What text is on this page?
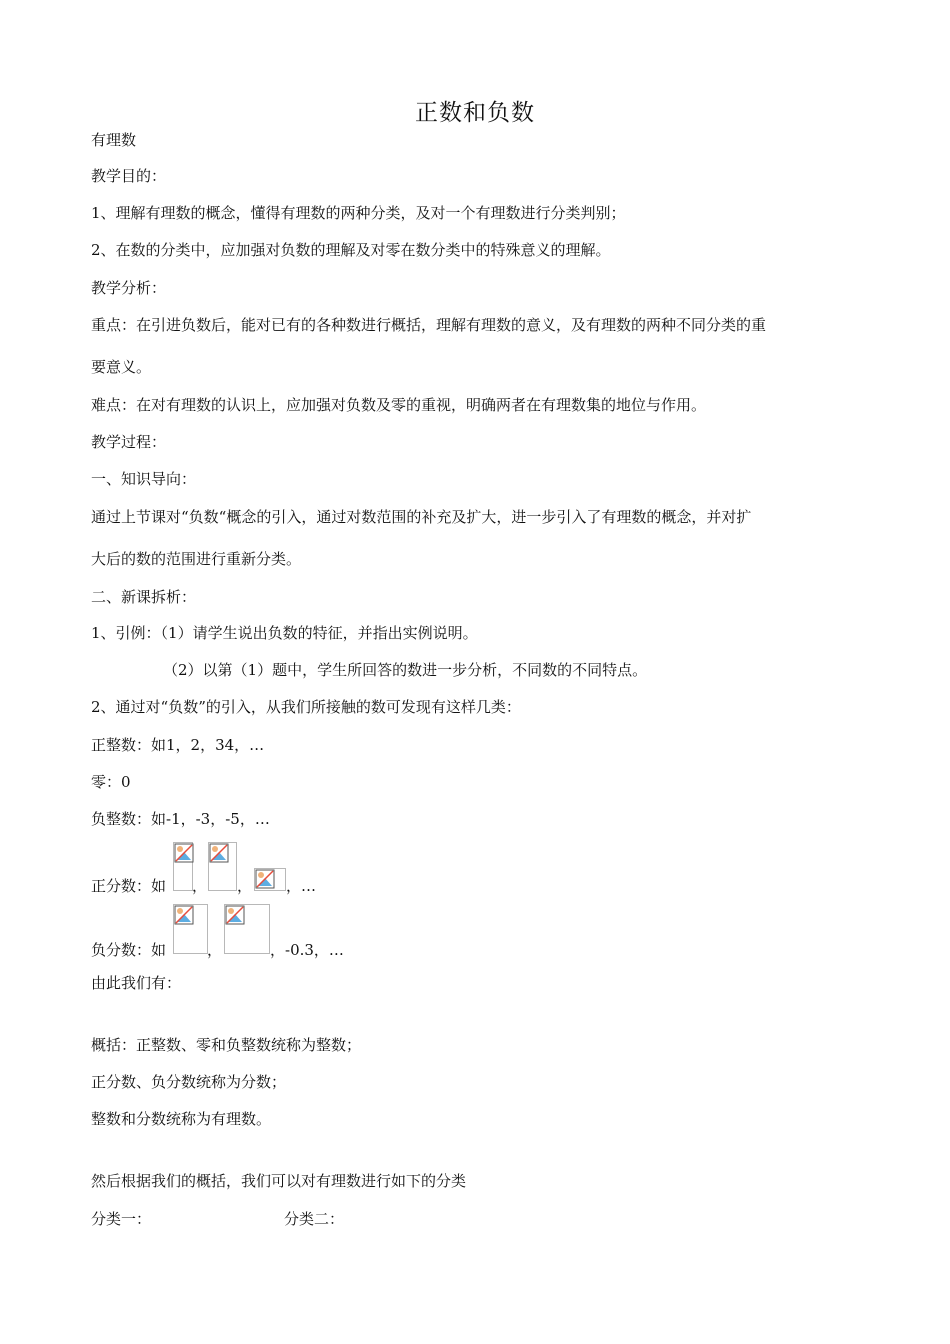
正数和负数
有理数
教学目的：
1、理解有理数的概念，懂得有理数的两种分类，及对一个有理数进行分类判别；
2、在数的分类中，应加强对负数的理解及对零在数分类中的特殊意义的理解。
教学分析：
重点：在引进负数后，能对已有的各种数进行概括，理解有理数的意义，及有理数的两种不同分类的重
要意义。
难点：在对有理数的认识上，应加强对负数及零的重视，明确两者在有理数集的地位与作用。
教学过程：
一、知识导向：
通过上节课对“负数“概念的引入，通过对数范围的补充及扩大，进一步引入了有理数的概念，并对扩
大后的数的范围进行重新分类。
二、新课拆析：
1、引例：（1）请学生说出负数的特征，并指出实例说明。
（2）以第（1）题中，学生所回答的数进一步分析，不同数的不同特点。
2、通过对“负数”的引入，从我们所接触的数可发现有这样几类：
正整数：如1，2，34，…
零：0
负整数：如-1，-3，-5，…
正分数：如 ， ， ，…
负分数：如	，	，-0.3，…
由此我们有：
概括：正整数、零和负整数统称为整数；
正分数、负分数统称为分数；
整数和分数统称为有理数。
然后根据我们的概括，我们可以对有理数进行如下的分类
分类一：	分类二：
